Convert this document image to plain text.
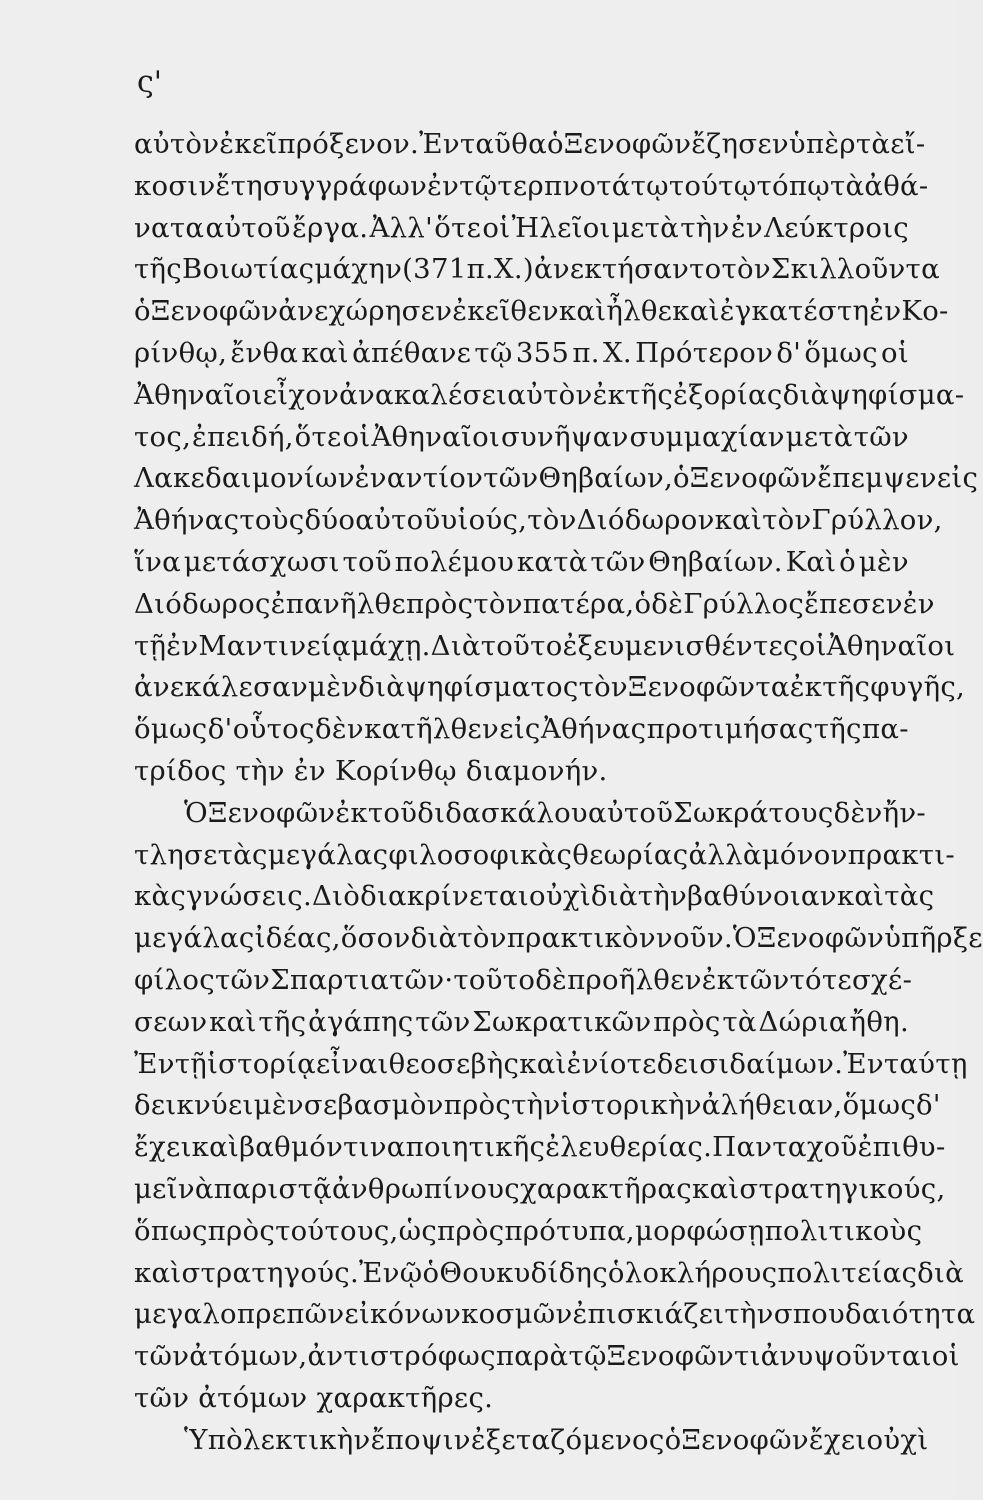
ς'
αὐτὸν ἐκεῖ πρόξενον. Ἐνταῦθα ὁ Ξενοφῶν ἔζησεν ὑπὲρ τὰ εἴ-
κοσιν ἔτη συγγράφων ἐν τῷ τερπνοτάτῳ τούτῳ τόπῳ τὰ ἀθά-
νατα αὐτοῦ ἔργα. Ἀλλ' ὅτε οἱ Ἠλεῖοι μετὰ τὴν ἐν Λεύκτροις
τῆς Βοιωτίας μάχην (371 π. Χ.) ἀνεκτήσαντο τὸν Σκιλλοῦντα
ὁ Ξενοφῶν ἀνεχώρησεν ἐκεῖθεν καὶ ἦλθε καὶ ἐγκατέστη ἐν Κο-
ρίνθῳ, ἔνθα καὶ ἀπέθανε τῷ 355 π. Χ. Πρότερον δ' ὅμως οἱ
Ἀθηναῖοι εἶχον ἀνακαλέσει αὐτὸν ἐκ τῆς ἐξορίας διὰ ψηφίσμα-
τος, ἐπειδή, ὅτε οἱ Ἀθηναῖοι συνῆψαν συμμαχίαν μετὰ τῶν
Λακεδαιμονίων ἐναντίον τῶν Θηβαίων, ὁ Ξενοφῶν ἔπεμψεν εἰς
Ἀθήνας τοὺς δύο αὐτοῦ υἱούς, τὸν Διόδωρον καὶ τὸν Γρύλλον,
ἵνα μετάσχωσι τοῦ πολέμου κατὰ τῶν Θηβαίων. Καὶ ὁ μὲν
Διόδωρος ἐπανῆλθε πρὸς τὸν πατέρα, ὁ δὲ Γρύλλος ἔπεσεν ἐν
τῇ ἐν Μαντινείᾳ μάχῃ. Διὰ τοῦτο ἐξευμενισθέντες οἱ Ἀθηναῖοι
ἀνεκάλεσαν μὲν διὰ ψηφίσματος τὸν Ξενοφῶντα ἐκ τῆς φυγῆς,
ὅμως δ' οὗτος δὲν κατῆλθεν εἰς Ἀθήνας προτιμήσας τῆς πα-
τρίδος τὴν ἐν Κορίνθῳ διαμονήν.
Ὁ Ξενοφῶν ἐκ τοῦ διδασκάλου αὐτοῦ Σωκράτους δὲν ἤν-
τλησε τὰς μεγάλας φιλοσοφικὰς θεωρίας ἀλλὰ μόνον πρακτι-
κὰς γνώσεις. Διὸ διακρίνεται οὐχὶ διὰ τὴν βαθύνοιαν καὶ τὰς
μεγάλας ἰδέας, ὅσον διὰ τὸν πρακτικὸν νοῦν. Ὁ Ξενοφῶν ὑπῆρξε
φίλος τῶν Σπαρτιατῶν· τοῦτο δὲ προῆλθεν ἐκ τῶν τότε σχέ-
σεων καὶ τῆς ἀγάπης τῶν Σωκρατικῶν πρὸς τὰ Δώρια ἤθη.
Ἐν τῇ ἱστορίᾳ εἶναι θεοσεβὴς καὶ ἐνίοτε δεισιδαίμων. Ἐν ταύτῃ
δεικνύει μὲν σεβασμὸν πρὸς τὴν ἱστορικὴν ἀλήθειαν, ὅμως δ'
ἔχει καὶ βαθμόν τινα ποιητικῆς ἐλευθερίας. Πανταχοῦ ἐπιθυ-
μεῖ νὰ παριστᾷ ἀνθρωπίνους χαρακτῆρας καὶ στρατηγικούς,
ὅπως πρὸς τούτους, ὡς πρὸς πρότυπα, μορφώσῃ πολιτικοὺς
καὶ στρατηγούς. Ἐνῷ ὁ Θουκυδίδης ὁλοκλήρους πολιτείας διὰ
μεγαλοπρεπῶν εἰκόνων κοσμῶν ἐπισκιάζει τὴν σπουδαιότητα
τῶν ἀτόμων, ἀντιστρόφως παρὰ τῷ Ξενοφῶντι ἀνυψοῦνται οἱ
τῶν ἀτόμων χαρακτῆρες.
Ὑπὸ λεκτικὴν ἔποψιν ἐξεταζόμενος ὁ Ξενοφῶν ἔχει οὐχὶ
